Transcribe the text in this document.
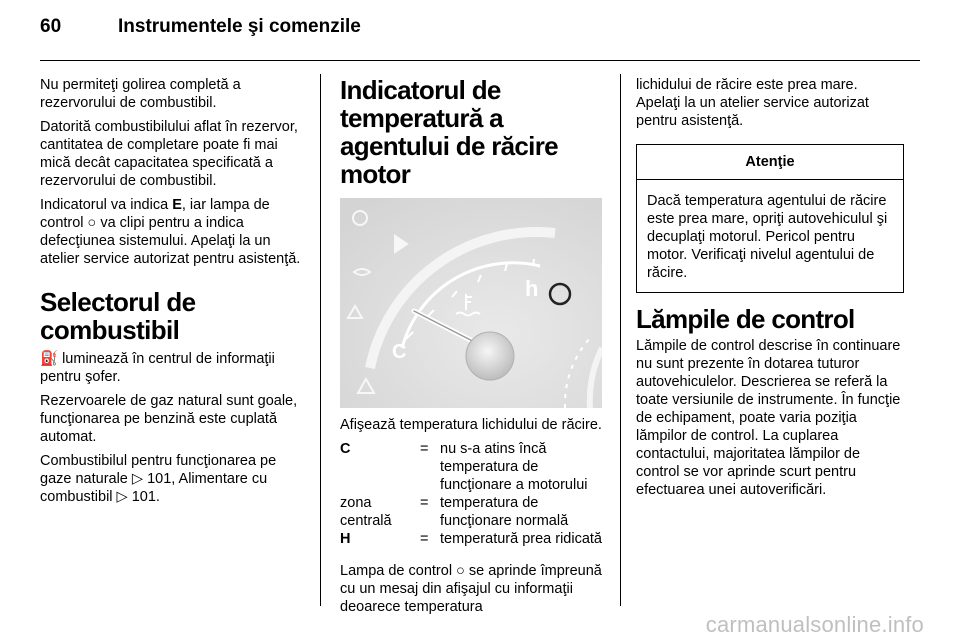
60	Instrumentele şi comenzile

Nu permiteţi golirea completă a rezervorului de combustibil.

Datorită combustibilului aflat în rezervor, cantitatea de completare poate fi mai mică decât capacitatea specificată a rezervorului de combustibil.

Indicatorul va indica E, iar lampa de control ○ va clipi pentru a indica defecţiunea sistemului. Apelaţi la un atelier service autorizat pentru asistenţă.

Selectorul de combustibil

⛽ luminează în centrul de informaţii pentru şofer.

Rezervoarele de gaz natural sunt goale, funcţionarea pe benzină este cuplată automat.

Combustibilul pentru funcţionarea pe gaze naturale ▷ 101, Alimentare cu combustibil ▷ 101.

Indicatorul de temperatură a agentului de răcire motor
C
h

Afişează temperatura lichidului de răcire.

C	= nu s-a atins încă temperatura de funcţionare a motorului
zona centrală
= temperatura de funcţionare normală
H	= temperatură prea ridicată

Lampa de control ○ se aprinde împreună cu un mesaj din afişajul cu informaţii deoarece temperatura

lichidului de răcire este prea mare. Apelaţi la un atelier service autorizat pentru asistenţă.

Atenţie
Dacă temperatura agentului de răcire este prea mare, opriţi autovehiculul şi decuplaţi motorul. Pericol pentru motor. Verificaţi nivelul agentului de răcire.
Lămpile de control

Lămpile de control descrise în continuare nu sunt prezente în dotarea tuturor autovehiculelor. Descrierea se referă la toate versiunile de instrumente. În funcţie de echipament, poate varia poziţia lămpilor de control. La cuplarea contactului, majoritatea lămpilor de control se vor aprinde scurt pentru efectuarea unei autoverificări.

carmanualsonline.info
